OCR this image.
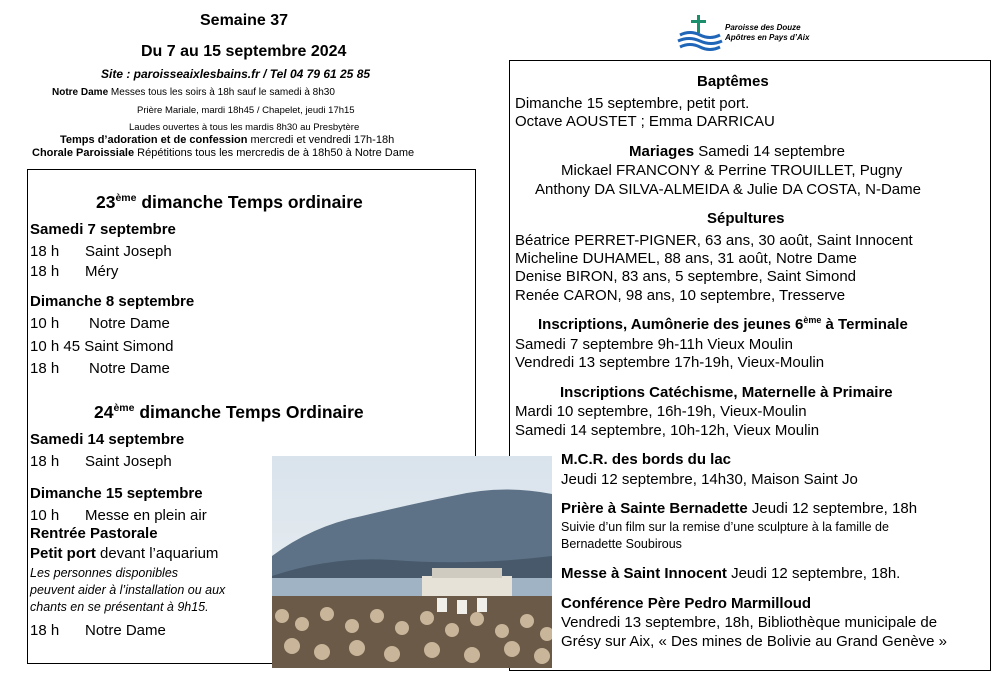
Semaine 37
Du 7 au 15 septembre 2024
Site : paroisseaixlesbains.fr / Tel 04 79 61 25 85
Notre Dame Messes tous les soirs à 18h sauf le samedi à 8h30
Prière Mariale, mardi 18h45 / Chapelet, jeudi 17h15
Laudes ouvertes à tous les mardis 8h30 au Presbytère
Temps d’adoration et de confession mercredi et vendredi 17h-18h
Chorale Paroissiale Répétitions tous les mercredis de à 18h50 à Notre Dame
Paroisse des Douze
Apôtres en Pays d’Aix
23ème dimanche Temps ordinaire
Samedi 7 septembre
18 h Saint Joseph
18 h Méry
Dimanche 8 septembre
10 h Notre Dame
10 h 45 Saint Simond
18 h Notre Dame
24ème dimanche Temps Ordinaire
Samedi 14 septembre
18 h Saint Joseph
Dimanche 15 septembre
10 h Messe en plein air
Rentrée Pastorale
Petit port devant l’aquarium
Les personnes disponibles
peuvent aider à l’installation ou aux
chants en se présentant à 9h15.
18 h Notre Dame
Baptêmes
Dimanche 15 septembre, petit port.
Octave AOUSTET ; Emma DARRICAU
Mariages Samedi 14 septembre
Mickael FRANCONY & Perrine TROUILLET, Pugny
Anthony DA SILVA-ALMEIDA & Julie DA COSTA, N-Dame
Sépultures
Béatrice PERRET-PIGNER, 63 ans, 30 août, Saint Innocent
Micheline DUHAMEL, 88 ans, 31 août, Notre Dame
Denise BIRON, 83 ans, 5 septembre, Saint Simond
Renée CARON, 98 ans, 10 septembre, Tresserve
Inscriptions, Aumônerie des jeunes 6ème à Terminale
Samedi 7 septembre 9h-11h Vieux Moulin
Vendredi 13 septembre 17h-19h, Vieux-Moulin
Inscriptions Catéchisme, Maternelle à Primaire
Mardi 10 septembre, 16h-19h, Vieux-Moulin
Samedi 14 septembre, 10h-12h, Vieux Moulin
M.C.R. des bords du lac
Jeudi 12 septembre, 14h30, Maison Saint Jo
Prière à Sainte Bernadette Jeudi 12 septembre, 18h
Suivie d’un film sur la remise d’une sculpture à la famille de
Bernadette Soubirous
Messe à Saint Innocent Jeudi 12 septembre, 18h.
Conférence Père Pedro Marmilloud
Vendredi 13 septembre, 18h, Bibliothèque municipale de
Grésy sur Aix, « Des mines de Bolivie au Grand Genève »
